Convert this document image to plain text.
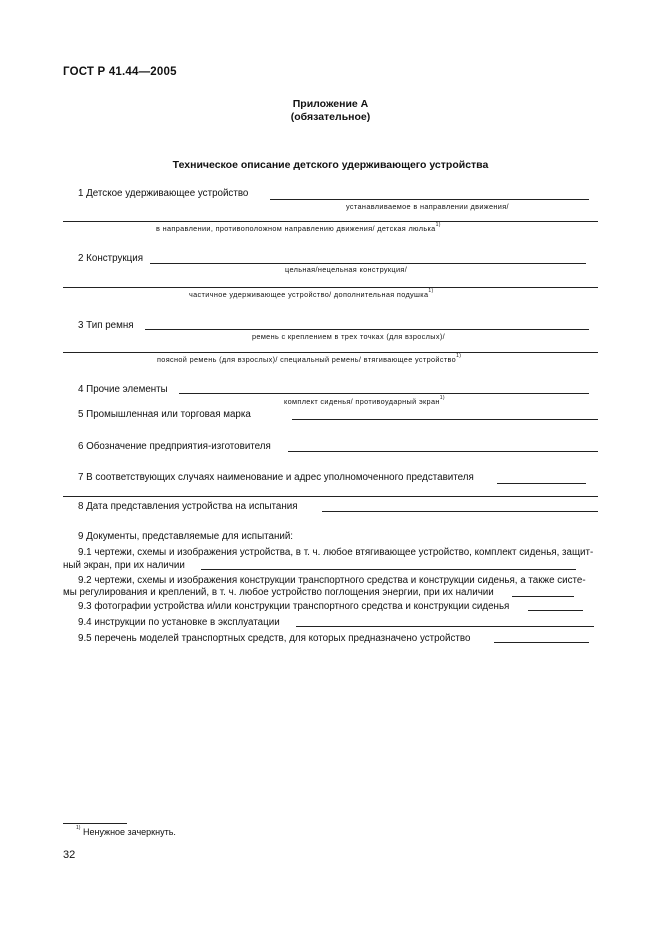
ГОСТ Р 41.44—2005
Приложение А
(обязательное)
Техническое описание детского удерживающего устройства
1 Детское удерживающее устройство
устанавливаемое в направлении движения/
в направлении, противоположном направлению движения/ детская люлька$^{1)}$
2 Конструкция
цельная/нецельная конструкция/
частичное удерживающее устройство/ дополнительная подушка$^{1)}$
3 Тип ремня
ремень с креплением в трех точках (для взрослых)/
поясной ремень (для взрослых)/ специальный ремень/ втягивающее устройство$^{1)}$
4 Прочие элементы
комплект сиденья/ противоударный экран$^{1)}$
5 Промышленная или торговая марка
6 Обозначение предприятия-изготовителя
7 В соответствующих случаях наименование и адрес уполномоченного представителя
8 Дата представления устройства на испытания
9 Документы, представляемые для испытаний:
9.1 чертежи, схемы и изображения устройства, в т. ч. любое втягивающее устройство, комплект сиденья, защит-
ный экран, при их наличии
9.2 чертежи, схемы и изображения конструкции транспортного средства и конструкции сиденья, а также систе-
мы регулирования и креплений, в т. ч. любое устройство поглощения энергии, при их наличии
9.3 фотографии устройства и/или конструкции транспортного средства и конструкции сиденья
9.4 инструкции по установке в эксплуатации
9.5 перечень моделей транспортных средств, для которых предназначено устройство
$^{1)}$ Ненужное зачеркнуть.
32
